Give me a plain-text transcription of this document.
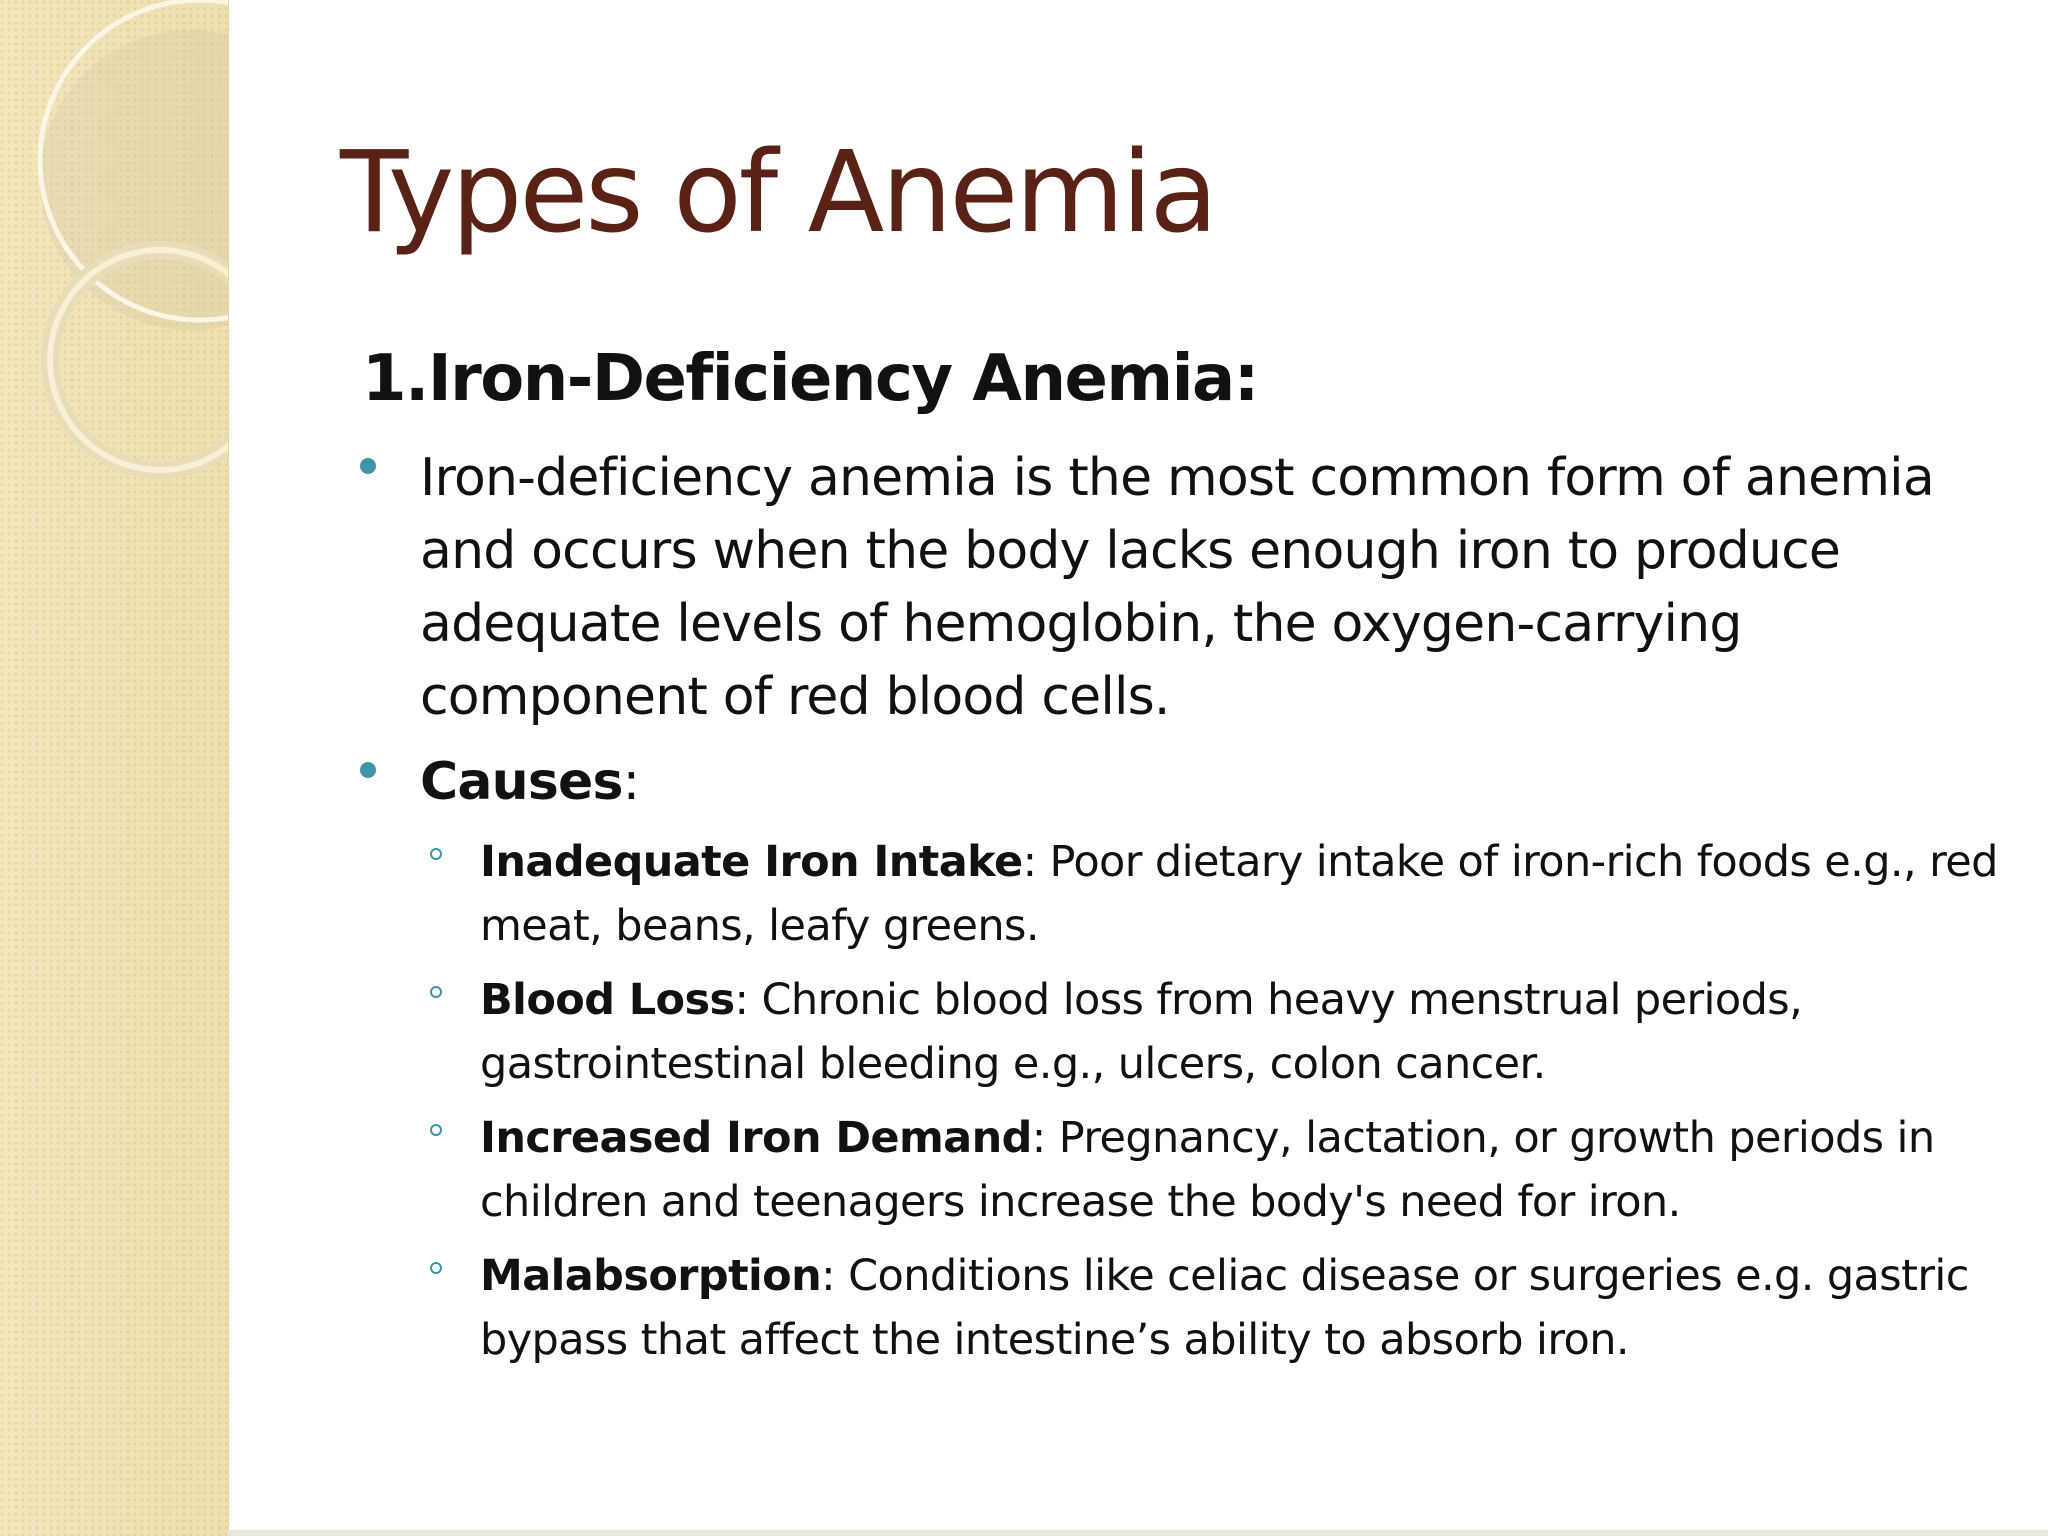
Types of Anemia
1.Iron-Deficiency Anemia:
Iron-deficiency anemia is the most common form of anemia and occurs when the body lacks enough iron to produce adequate levels of hemoglobin, the oxygen-carrying component of red blood cells.
Causes:
Inadequate Iron Intake: Poor dietary intake of iron-rich foods e.g., red meat, beans, leafy greens.
Blood Loss: Chronic blood loss from heavy menstrual periods, gastrointestinal bleeding e.g., ulcers, colon cancer.
Increased Iron Demand: Pregnancy, lactation, or growth periods in children and teenagers increase the body's need for iron.
Malabsorption: Conditions like celiac disease or surgeries e.g. gastric bypass that affect the intestine’s ability to absorb iron.
